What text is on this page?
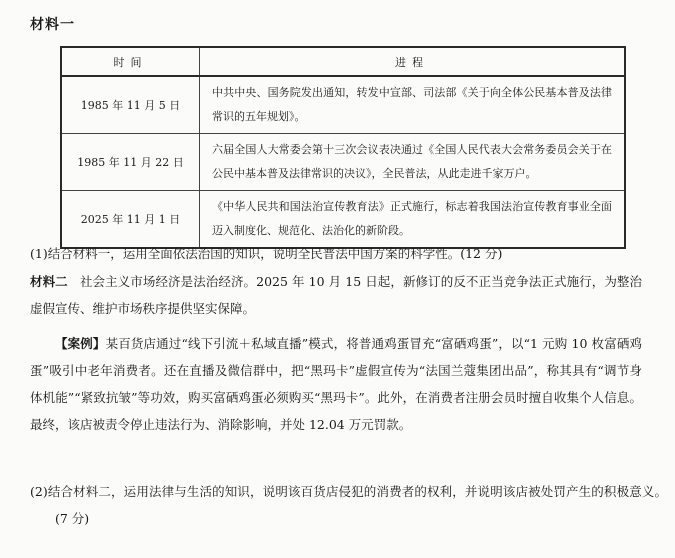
材料一
时间	进程
1985 年 11 月 5 日	中共中央、国务院发出通知，转发中宣部、司法部《关于向全体公民基本普及法律常识的五年规划》。
1985 年 11 月 22 日	六届全国人大常委会第十三次会议表决通过《全国人民代表大会常务委员会关于在公民中基本普及法律常识的决议》，全民普法，从此走进千家万户。
2025 年 11 月 1 日	《中华人民共和国法治宣传教育法》正式施行，标志着我国法治宣传教育事业全面迈入制度化、规范化、法治化的新阶段。
(1)结合材料一，运用全面依法治国的知识，说明全民普法中国方案的科学性。(12 分)
材料二 社会主义市场经济是法治经济。2025 年 10 月 15 日起，新修订的反不正当竞争法正式施行，为整治虚假宣传、维护市场秩序提供坚实保障。
【案例】某百货店通过“线下引流＋私域直播”模式，将普通鸡蛋冒充“富硒鸡蛋”，以“1 元购 10 枚富硒鸡蛋”吸引中老年消费者。还在直播及微信群中，把“黑玛卡”虚假宣传为“法国兰蔻集团出品”，称其具有“调节身体机能”“紧致抗皱”等功效，购买富硒鸡蛋必须购买“黑玛卡”。此外，在消费者注册会员时擅自收集个人信息。最终，该店被责令停止违法行为、消除影响，并处 12.04 万元罚款。
(2)结合材料二，运用法律与生活的知识，说明该百货店侵犯的消费者的权利，并说明该店被处罚产生的积极意义。(7 分)
